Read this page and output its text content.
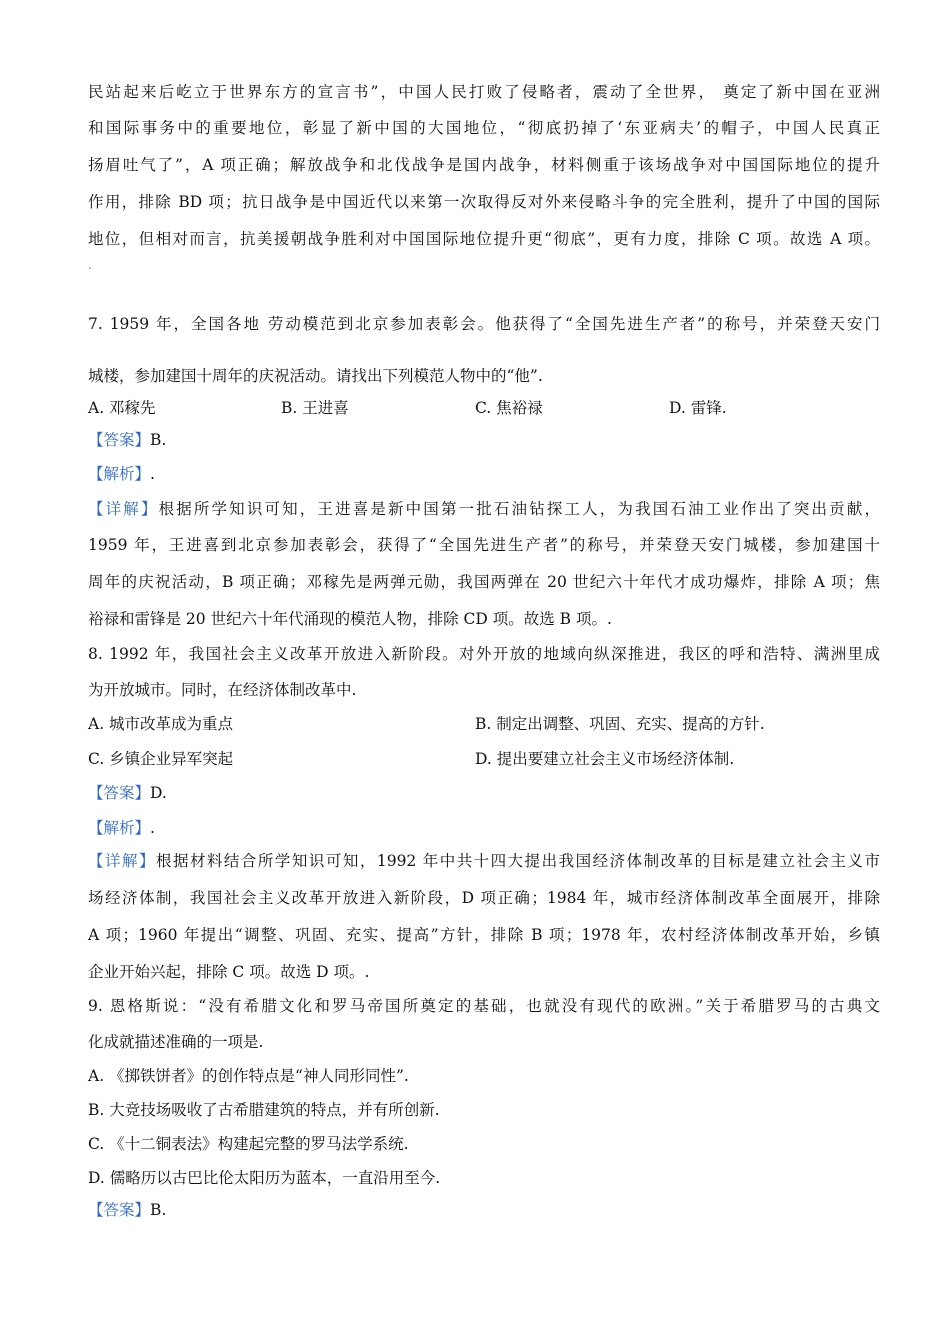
民站起来后屹立于世界东方的宣言书”，中国人民打败了侵略者，震动了全世界， 奠定了新中国在亚洲
和国际事务中的重要地位，彰显了新中国的大国地位，“彻底扔掉了‘东亚病夫’的帽子，中国人民真正
扬眉吐气了”，A 项正确；解放战争和北伐战争是国内战争，材料侧重于该场战争对中国国际地位的提升
作用，排除 BD 项；抗日战争是中国近代以来第一次取得反对外来侵略斗争的完全胜利，提升了中国的国际
地位，但相对而言，抗美援朝战争胜利对中国国际地位提升更“彻底”，更有力度，排除 C 项。故选 A 项。
.
7. 1959 年，全国各地 劳动模范到北京参加表彰会。他获得了“全国先进生产者”的称号，并荣登天安门
城楼，参加建国十周年的庆祝活动。请找出下列模范人物中的“他”.
A. 邓稼先	B. 王进喜	C. 焦裕禄	D. 雷锋.
【答案】B.
【解析】.
【详解】根据所学知识可知，王进喜是新中国第一批石油钻探工人，为我国石油工业作出了突出贡献，
1959 年，王进喜到北京参加表彰会，获得了“全国先进生产者”的称号，并荣登天安门城楼，参加建国十
周年的庆祝活动，B 项正确；邓稼先是两弹元勋，我国两弹在 20 世纪六十年代才成功爆炸，排除 A 项；焦
裕禄和雷锋是 20 世纪六十年代涌现的模范人物，排除 CD 项。故选 B 项。.
8. 1992 年，我国社会主义改革开放进入新阶段。对外开放的地域向纵深推进，我区的呼和浩特、满洲里成
为开放城市。同时，在经济体制改革中.
A. 城市改革成为重点	B. 制定出调整、巩固、充实、提高的方针.
C. 乡镇企业异军突起	D. 提出要建立社会主义市场经济体制.
【答案】D.
【解析】.
【详解】根据材料结合所学知识可知，1992 年中共十四大提出我国经济体制改革的目标是建立社会主义市
场经济体制，我国社会主义改革开放进入新阶段，D 项正确；1984 年，城市经济体制改革全面展开，排除
A 项；1960 年提出“调整、巩固、充实、提高”方针，排除 B 项；1978 年，农村经济体制改革开始，乡镇
企业开始兴起，排除 C 项。故选 D 项。.
9. 恩格斯说：“没有希腊文化和罗马帝国所奠定的基础，也就没有现代的欧洲。”关于希腊罗马的古典文
化成就描述准确的一项是.
A. 《掷铁饼者》的创作特点是“神人同形同性”.
B. 大竞技场吸收了古希腊建筑的特点，并有所创新.
C. 《十二铜表法》构建起完整的罗马法学系统.
D. 儒略历以古巴比伦太阳历为蓝本，一直沿用至今.
【答案】B.
